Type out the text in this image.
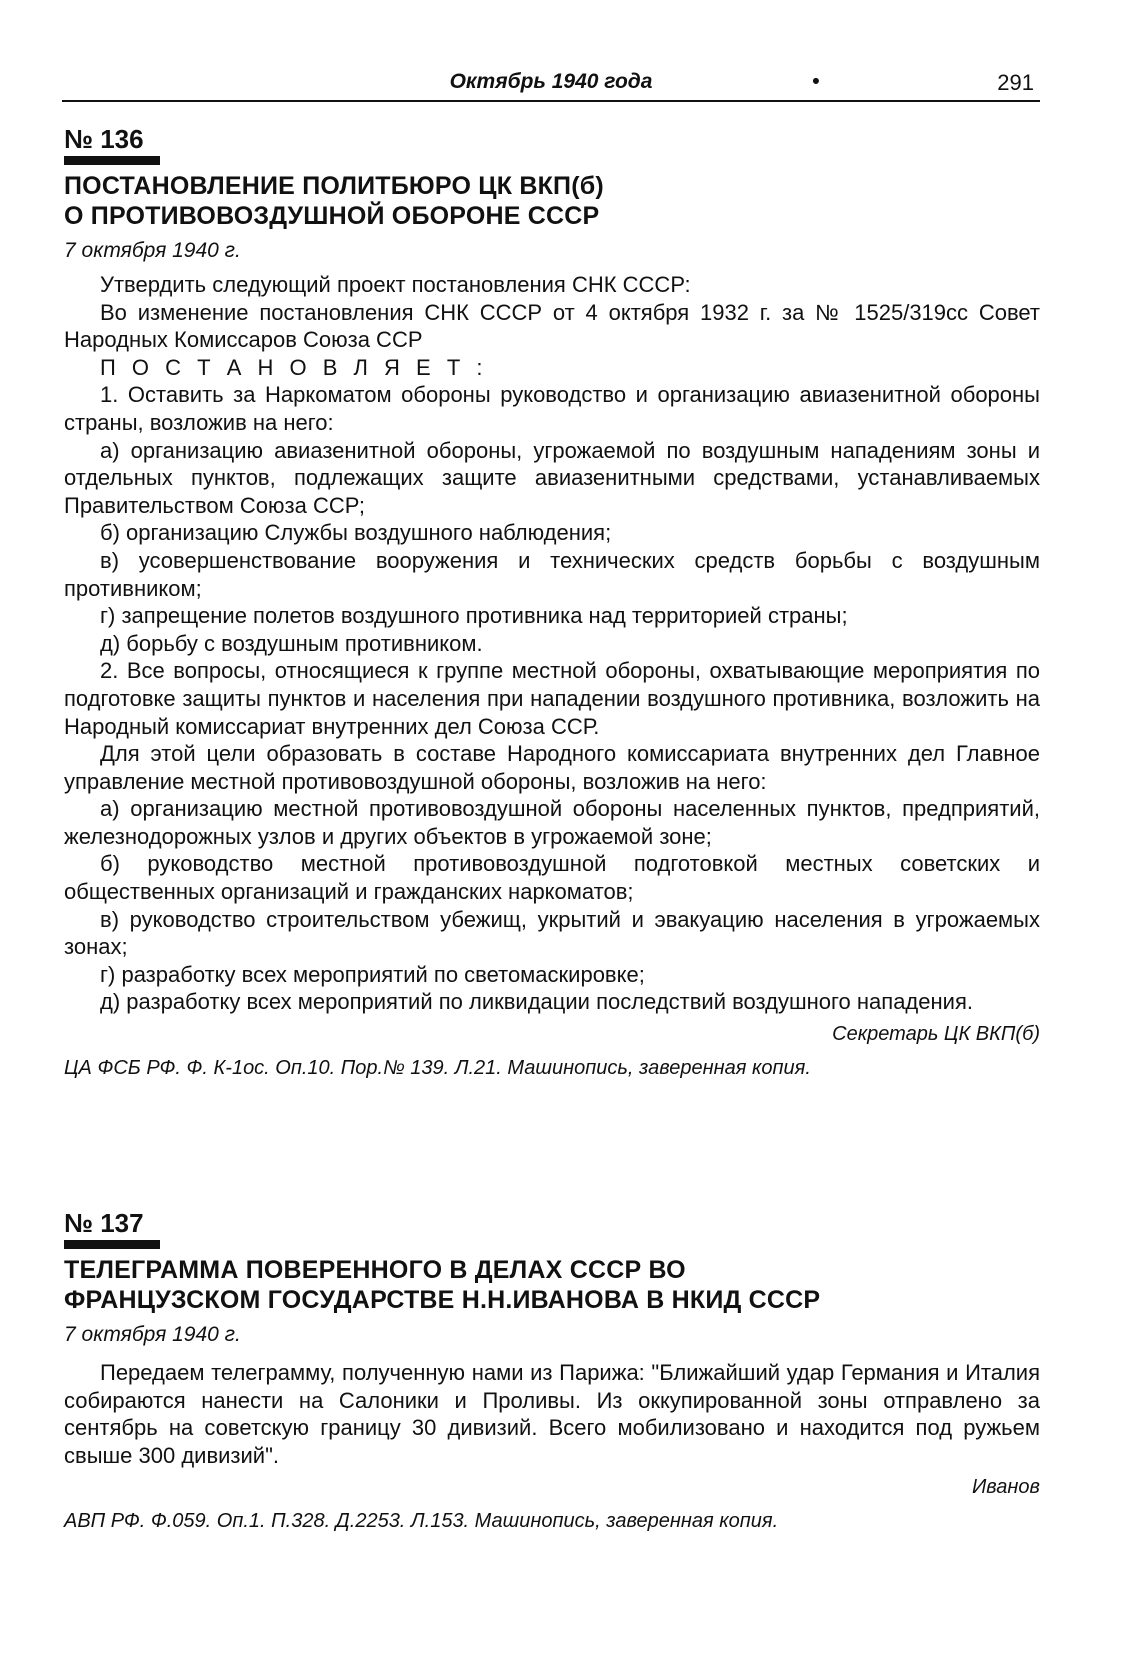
Октябрь 1940 года	•	291
№ 136
ПОСТАНОВЛЕНИЕ ПОЛИТБЮРО ЦК ВКП(б)
О ПРОТИВОВОЗДУШНОЙ ОБОРОНЕ СССР
7 октября 1940 г.

Утвердить следующий проект постановления СНК СССР:

Во изменение постановления СНК СССР от 4 октября 1932 г. за № 1525/319сс Совет Народных Комиссаров Союза ССР

П О С Т А Н О В Л Я Е Т :

1. Оставить за Наркоматом обороны руководство и организацию авиазенитной обороны страны, возложив на него:

а) организацию авиазенитной обороны, угрожаемой по воздушным нападениям зоны и отдельных пунктов, подлежащих защите авиазенитными средствами, устанавливаемых Правительством Союза ССР;

б) организацию Службы воздушного наблюдения;

в) усовершенствование вооружения и технических средств борьбы с воздушным противником;

г) запрещение полетов воздушного противника над территорией страны;

д) борьбу с воздушным противником.

2. Все вопросы, относящиеся к группе местной обороны, охватывающие мероприятия по подготовке защиты пунктов и населения при нападении воздушного противника, возложить на Народный комиссариат внутренних дел Союза ССР.

Для этой цели образовать в составе Народного комиссариата внутренних дел Главное управление местной противовоздушной обороны, возложив на него:

а) организацию местной противовоздушной обороны населенных пунктов, предприятий, железнодорожных узлов и других объектов в угрожаемой зоне;

б) руководство местной противовоздушной подготовкой местных советских и общественных организаций и гражданских наркоматов;

в) руководство строительством убежищ, укрытий и эвакуацию населения в угрожаемых зонах;

г) разработку всех мероприятий по светомаскировке;

д) разработку всех мероприятий по ликвидации последствий воздушного нападения.

Секретарь ЦК ВКП(б)
ЦА ФСБ РФ. Ф. К-1ос. Оп.10. Пор.№ 139. Л.21. Машинопись, заверенная копия.
№ 137
ТЕЛЕГРАММА ПОВЕРЕННОГО В ДЕЛАХ СССР ВО
ФРАНЦУЗСКОМ ГОСУДАРСТВЕ Н.Н.ИВАНОВА В НКИД СССР
7 октября 1940 г.

Передаем телеграмму, полученную нами из Парижа: "Ближайший удар Германия и Италия собираются нанести на Салоники и Проливы. Из оккупированной зоны отправлено за сентябрь на советскую границу 30 дивизий. Всего мобилизовано и находится под ружьем свыше 300 дивизий".

Иванов
АВП РФ. Ф.059. Оп.1. П.328. Д.2253. Л.153. Машинопись, заверенная копия.
